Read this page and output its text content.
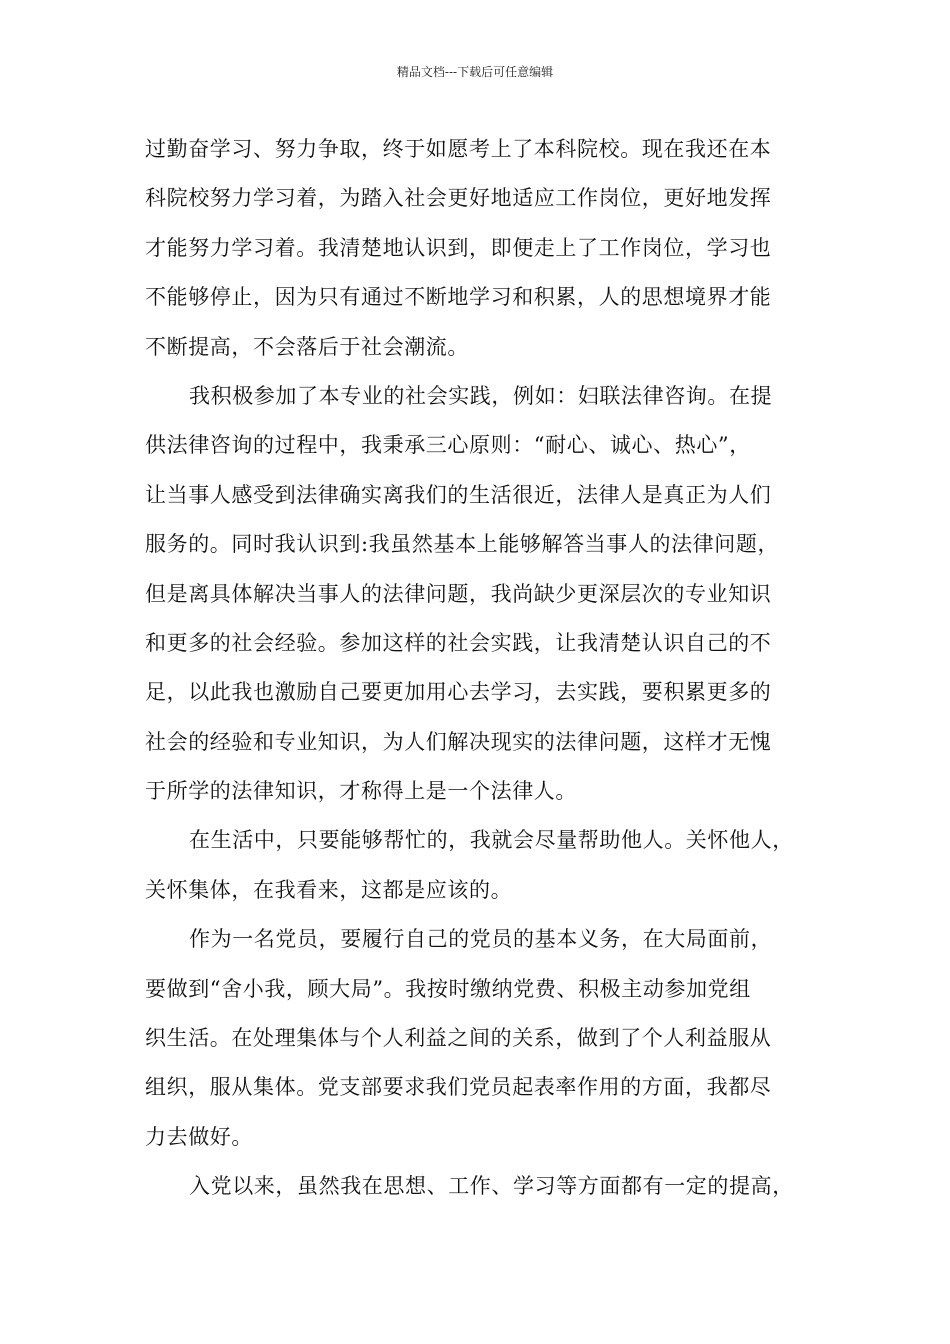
精品文档---下载后可任意编辑
过勤奋学习、努力争取，终于如愿考上了本科院校。现在我还在本
科院校努力学习着，为踏入社会更好地适应工作岗位，更好地发挥
才能努力学习着。我清楚地认识到，即便走上了工作岗位，学习也
不能够停止，因为只有通过不断地学习和积累，人的思想境界才能
不断提高，不会落后于社会潮流。
我积极参加了本专业的社会实践，例如：妇联法律咨询。在提
供法律咨询的过程中，我秉承三心原则：“耐心、诚心、热心”，
让当事人感受到法律确实离我们的生活很近，法律人是真正为人们
服务的。同时我认识到:我虽然基本上能够解答当事人的法律问题，
但是离具体解决当事人的法律问题，我尚缺少更深层次的专业知识
和更多的社会经验。参加这样的社会实践，让我清楚认识自己的不
足，以此我也激励自己要更加用心去学习，去实践，要积累更多的
社会的经验和专业知识，为人们解决现实的法律问题，这样才无愧
于所学的法律知识，才称得上是一个法律人。
在生活中，只要能够帮忙的，我就会尽量帮助他人。关怀他人，
关怀集体，在我看来，这都是应该的。
作为一名党员，要履行自己的党员的基本义务，在大局面前，
要做到“舍小我，顾大局”。我按时缴纳党费、积极主动参加党组
织生活。在处理集体与个人利益之间的关系，做到了个人利益服从
组织，服从集体。党支部要求我们党员起表率作用的方面，我都尽
力去做好。
入党以来，虽然我在思想、工作、学习等方面都有一定的提高，
